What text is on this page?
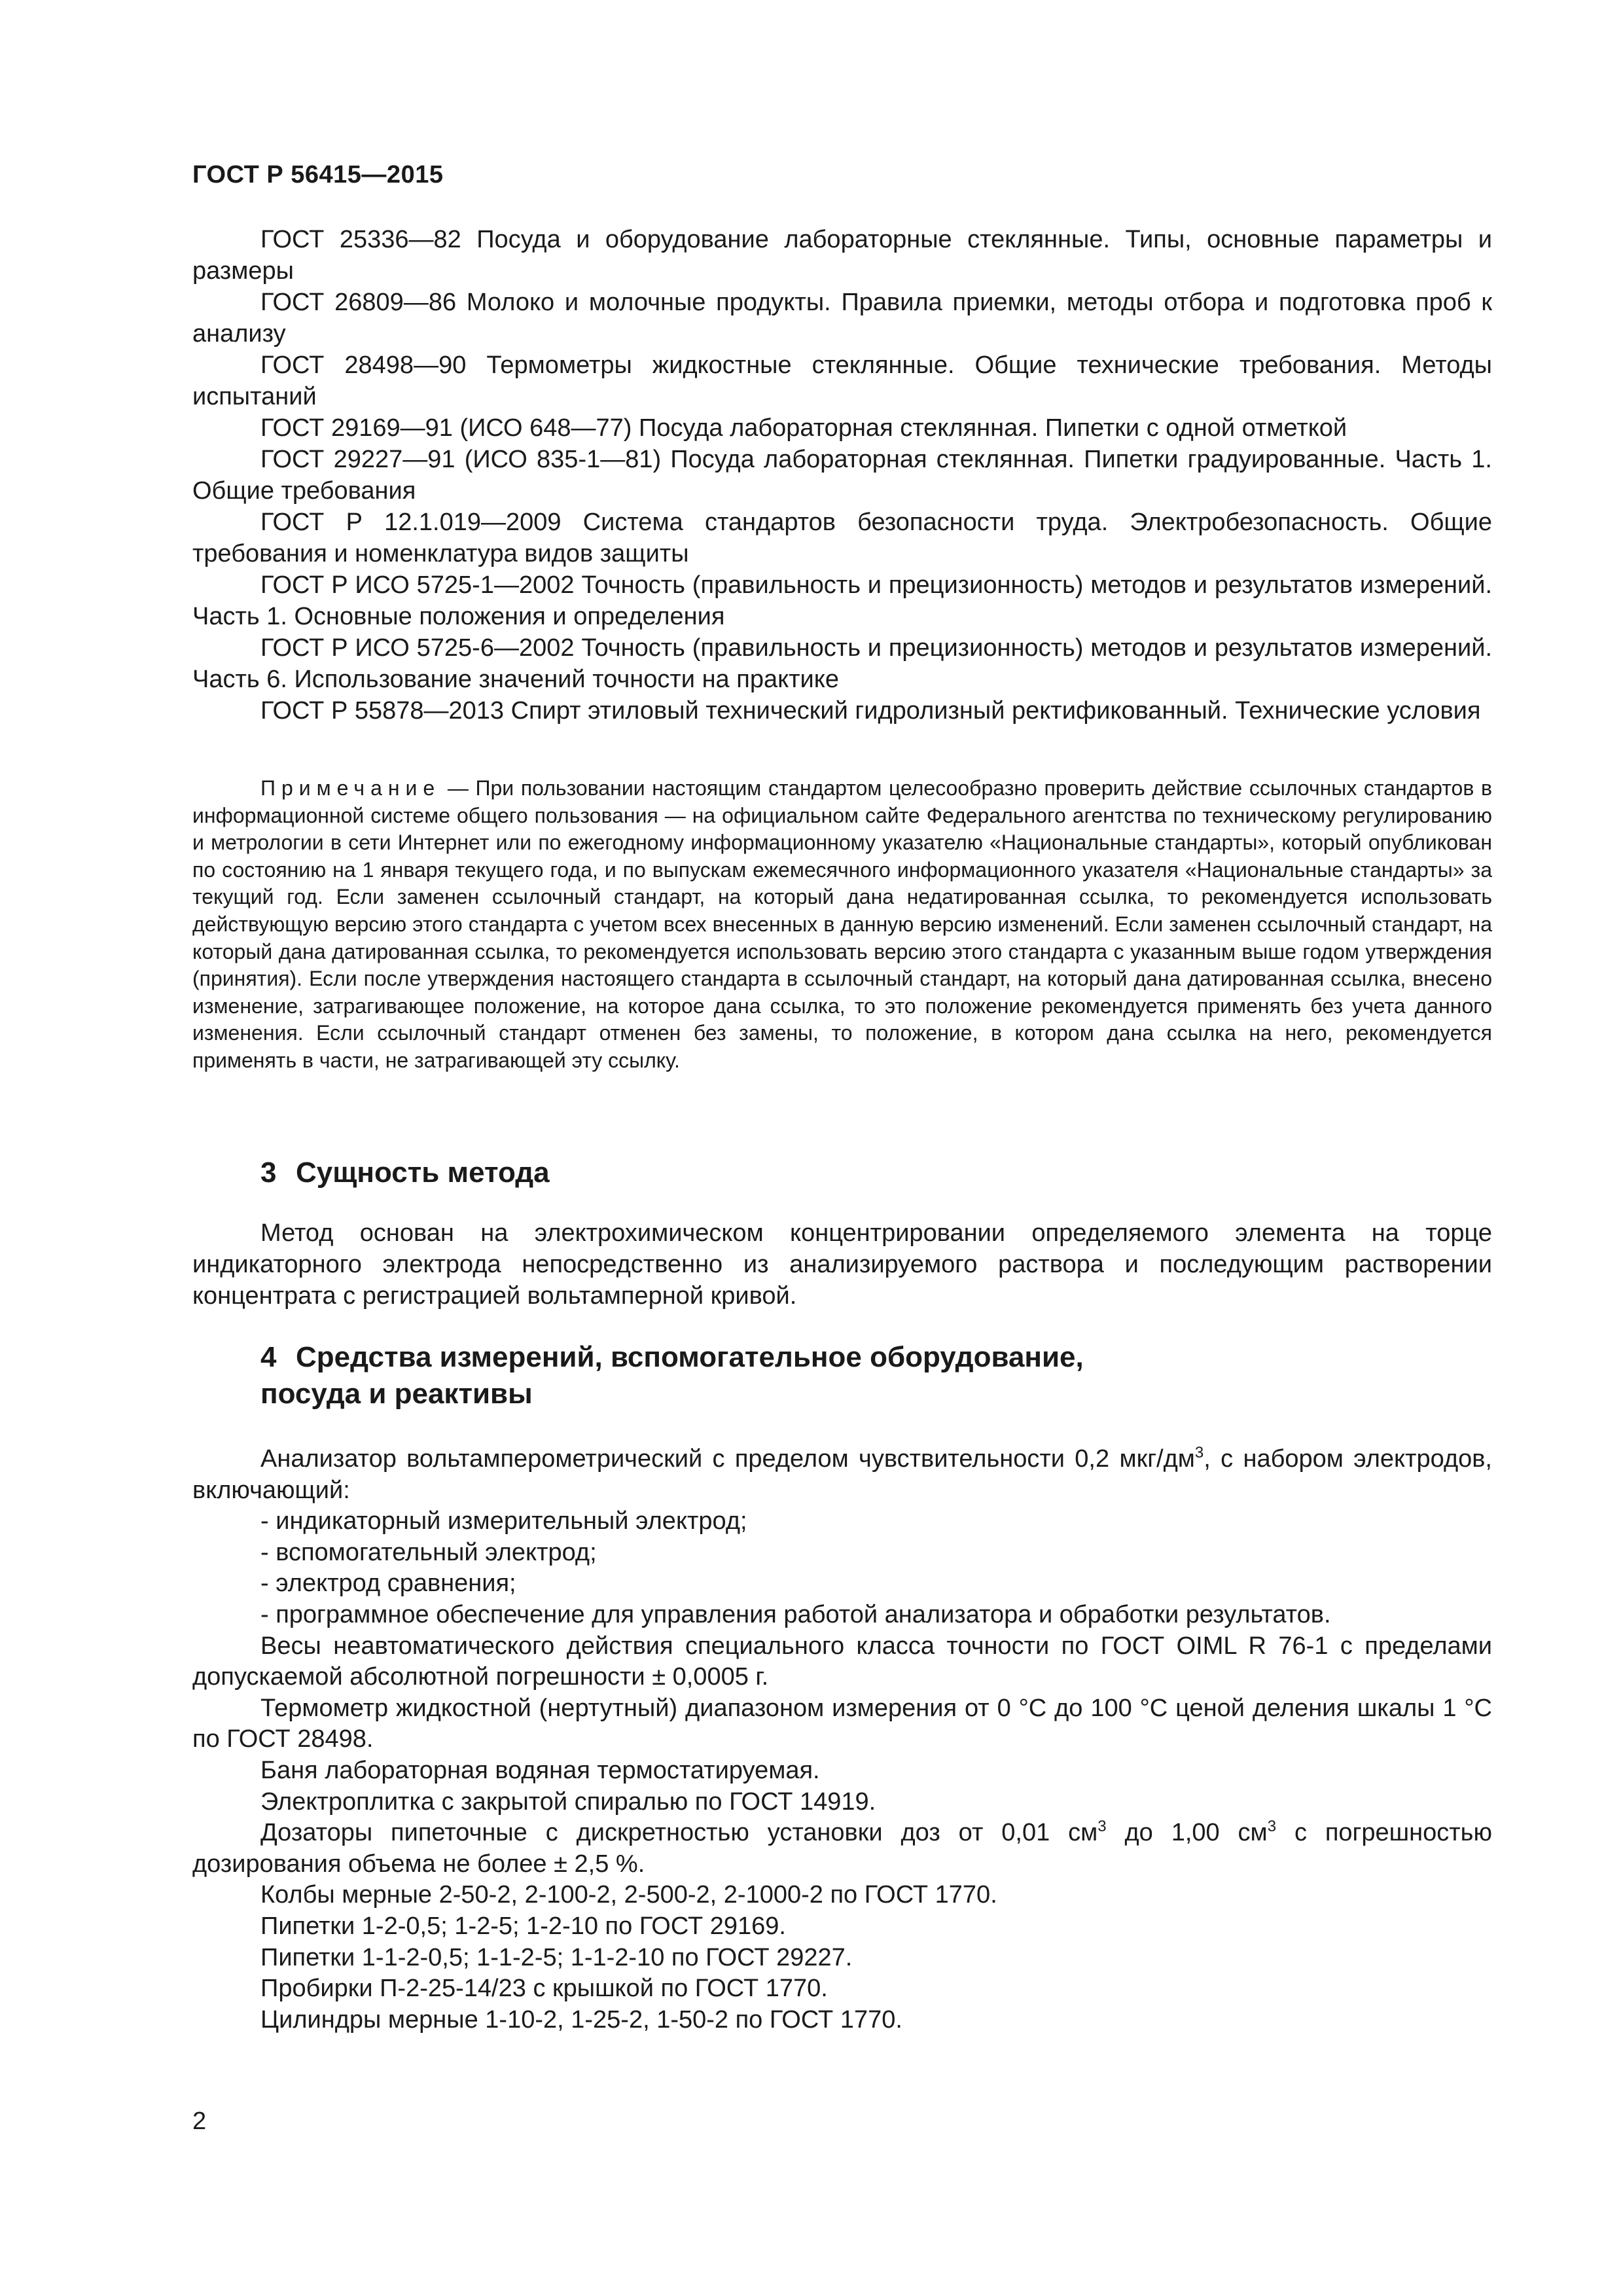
ГОСТ Р 56415—2015

ГОСТ 25336—82 Посуда и оборудование лабораторные стеклянные. Типы, основные параметры и размеры

ГОСТ 26809—86 Молоко и молочные продукты. Правила приемки, методы отбора и подготовка проб к анализу

ГОСТ 28498—90 Термометры жидкостные стеклянные. Общие технические требования. Методы испытаний

ГОСТ 29169—91 (ИСО 648—77) Посуда лабораторная стеклянная. Пипетки с одной отметкой

ГОСТ 29227—91 (ИСО 835-1—81) Посуда лабораторная стеклянная. Пипетки градуированные. Часть 1. Общие требования

ГОСТ Р 12.1.019—2009 Система стандартов безопасности труда. Электробезопасность. Общие требования и номенклатура видов защиты

ГОСТ Р ИСО 5725-1—2002 Точность (правильность и прецизионность) методов и результатов измерений. Часть 1. Основные положения и определения

ГОСТ Р ИСО 5725-6—2002 Точность (правильность и прецизионность) методов и результатов измерений. Часть 6. Использование значений точности на практике

ГОСТ Р 55878—2013 Спирт этиловый технический гидролизный ректификованный. Технические условия

Примечание — При пользовании настоящим стандартом целесообразно проверить действие ссылочных стандартов в информационной системе общего пользования — на официальном сайте Федерального агентства по техническому регулированию и метрологии в сети Интернет или по ежегодному информационному указателю «Национальные стандарты», который опубликован по состоянию на 1 января текущего года, и по выпускам ежемесячного информационного указателя «Национальные стандарты» за текущий год. Если заменен ссылочный стандарт, на который дана недатированная ссылка, то рекомендуется использовать действующую версию этого стандарта с учетом всех внесенных в данную версию изменений. Если заменен ссылочный стандарт, на который дана датированная ссылка, то рекомендуется использовать версию этого стандарта с указанным выше годом утверждения (принятия). Если после утверждения настоящего стандарта в ссылочный стандарт, на который дана датированная ссылка, внесено изменение, затрагивающее положение, на которое дана ссылка, то это положение рекомендуется применять без учета данного изменения. Если ссылочный стандарт отменен без замены, то положение, в котором дана ссылка на него, рекомендуется применять в части, не затрагивающей эту ссылку.

3 Сущность метода

Метод основан на электрохимическом концентрировании определяемого элемента на торце индикаторного электрода непосредственно из анализируемого раствора и последующим растворении концентрата с регистрацией вольтамперной кривой.

4 Средства измерений, вспомогательное оборудование,
посуда и реактивы

Анализатор вольтамперометрический с пределом чувствительности 0,2 мкг/$дм^3$, с набором электродов, включающий:

- индикаторный измерительный электрод;

- вспомогательный электрод;

- электрод сравнения;

- программное обеспечение для управления работой анализатора и обработки результатов.

Весы неавтоматического действия специального класса точности по ГОСТ OIML R 76-1 с пределами допускаемой абсолютной погрешности ± 0,0005 г.

Термометр жидкостной (нертутный) диапазоном измерения от 0 °С до 100 °С ценой деления шкалы 1 °С по ГОСТ 28498.

Баня лабораторная водяная термостатируемая.

Электроплитка с закрытой спиралью по ГОСТ 14919.

Дозаторы пипеточные с дискретностью установки доз от 0,01 $см^3$ до 1,00 $см^3$ с погрешностью дозирования объема не более ± 2,5 %.

Колбы мерные 2-50-2, 2-100-2, 2-500-2, 2-1000-2 по ГОСТ 1770.

Пипетки 1-2-0,5; 1-2-5; 1-2-10 по ГОСТ 29169.

Пипетки 1-1-2-0,5; 1-1-2-5; 1-1-2-10 по ГОСТ 29227.

Пробирки П-2-25-14/23 с крышкой по ГОСТ 1770.

Цилиндры мерные 1-10-2, 1-25-2, 1-50-2 по ГОСТ 1770.

2
